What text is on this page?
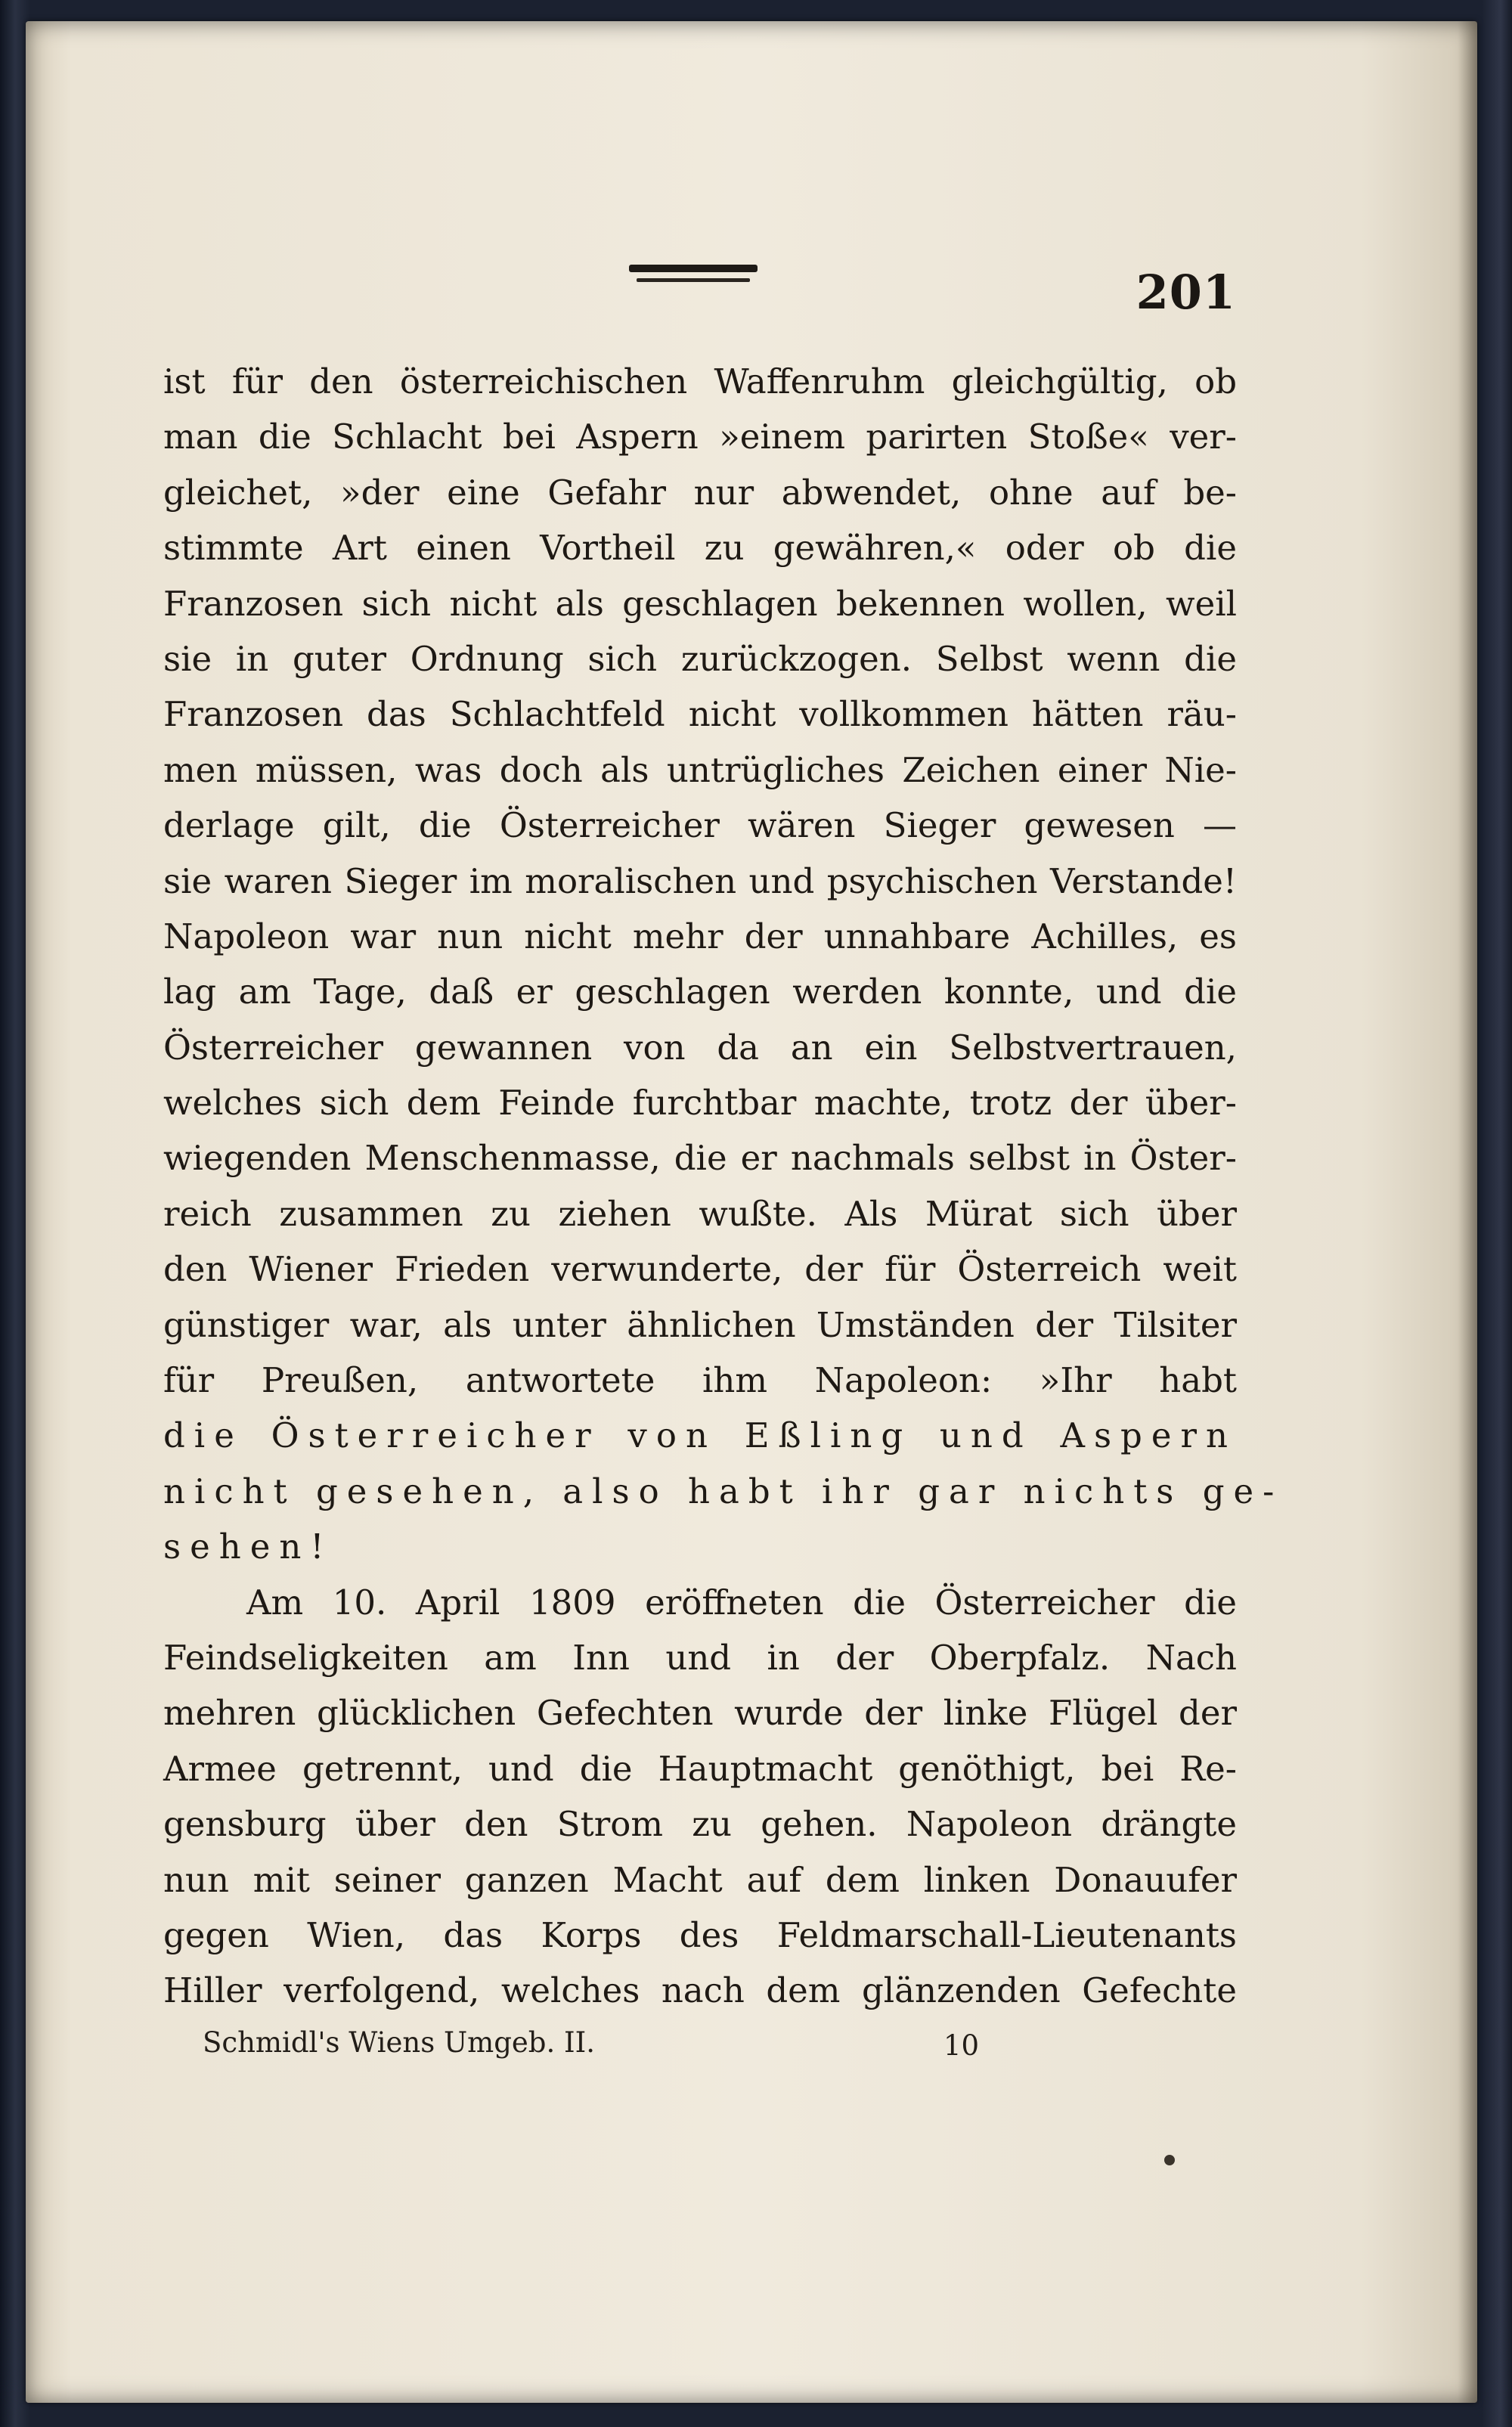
201
ist für den österreichischen Waffenruhm gleichgültig, ob
man die Schlacht bei Aspern »einem parirten Stoße« ver-
gleichet, »der eine Gefahr nur abwendet, ohne auf be-
stimmte Art einen Vortheil zu gewähren,« oder ob die
Franzosen sich nicht als geschlagen bekennen wollen, weil
sie in guter Ordnung sich zurückzogen. Selbst wenn die
Franzosen das Schlachtfeld nicht vollkommen hätten räu-
men müssen, was doch als untrügliches Zeichen einer Nie-
derlage gilt, die Österreicher wären Sieger gewesen —
sie waren Sieger im moralischen und psychischen Verstande!
Napoleon war nun nicht mehr der unnahbare Achilles, es
lag am Tage, daß er geschlagen werden konnte, und die
Österreicher gewannen von da an ein Selbstvertrauen,
welches sich dem Feinde furchtbar machte, trotz der über-
wiegenden Menschenmasse, die er nachmals selbst in Öster-
reich zusammen zu ziehen wußte. Als Mürat sich über
den Wiener Frieden verwunderte, der für Österreich weit
günstiger war, als unter ähnlichen Umständen der Tilsiter
für Preußen, antwortete ihm Napoleon: »Ihr habt
die Österreicher von Eßling und Aspern
nicht gesehen, also habt ihr gar nichts ge-
sehen!
Am 10. April 1809 eröffneten die Österreicher die
Feindseligkeiten am Inn und in der Oberpfalz. Nach
mehren glücklichen Gefechten wurde der linke Flügel der
Armee getrennt, und die Hauptmacht genöthigt, bei Re-
gensburg über den Strom zu gehen. Napoleon drängte
nun mit seiner ganzen Macht auf dem linken Donauufer
gegen Wien, das Korps des Feldmarschall-Lieutenants
Hiller verfolgend, welches nach dem glänzenden Gefechte
Schmidl's Wiens Umgeb. II.	10
